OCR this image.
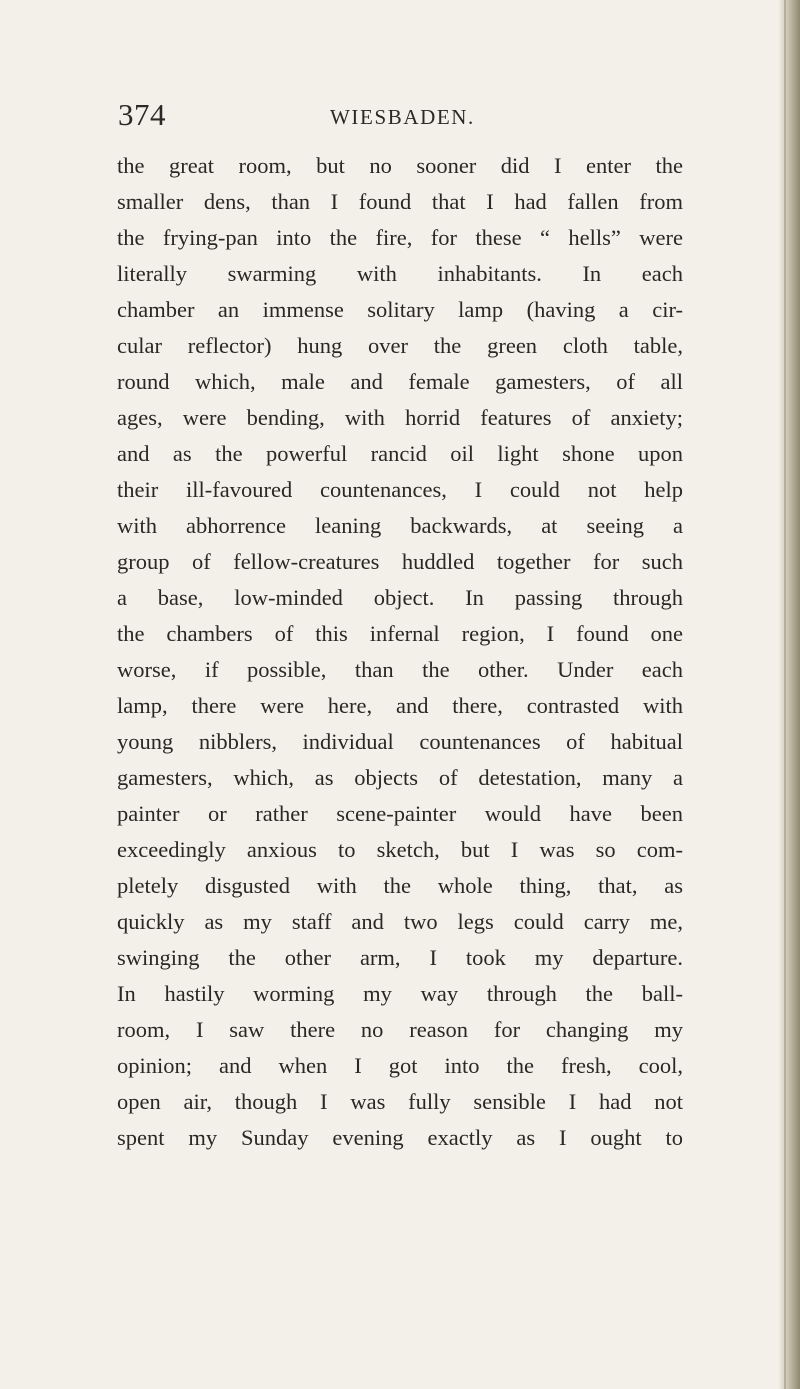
374	WIESBADEN.
the great room, but no sooner did I enter the
smaller dens, than I found that I had fallen from
the frying-pan into the fire, for these “ hells” were
literally swarming with inhabitants. In each
chamber an immense solitary lamp (having a cir-
cular reflector) hung over the green cloth table,
round which, male and female gamesters, of all
ages, were bending, with horrid features of anxiety;
and as the powerful rancid oil light shone upon
their ill-favoured countenances, I could not help
with abhorrence leaning backwards, at seeing a
group of fellow-creatures huddled together for such
a base, low-minded object. In passing through
the chambers of this infernal region, I found one
worse, if possible, than the other. Under each
lamp, there were here, and there, contrasted with
young nibblers, individual countenances of habitual
gamesters, which, as objects of detestation, many a
painter or rather scene-painter would have been
exceedingly anxious to sketch, but I was so com-
pletely disgusted with the whole thing, that, as
quickly as my staff and two legs could carry me,
swinging the other arm, I took my departure.
In hastily worming my way through the ball-
room, I saw there no reason for changing my
opinion; and when I got into the fresh, cool,
open air, though I was fully sensible I had not
spent my Sunday evening exactly as I ought to
